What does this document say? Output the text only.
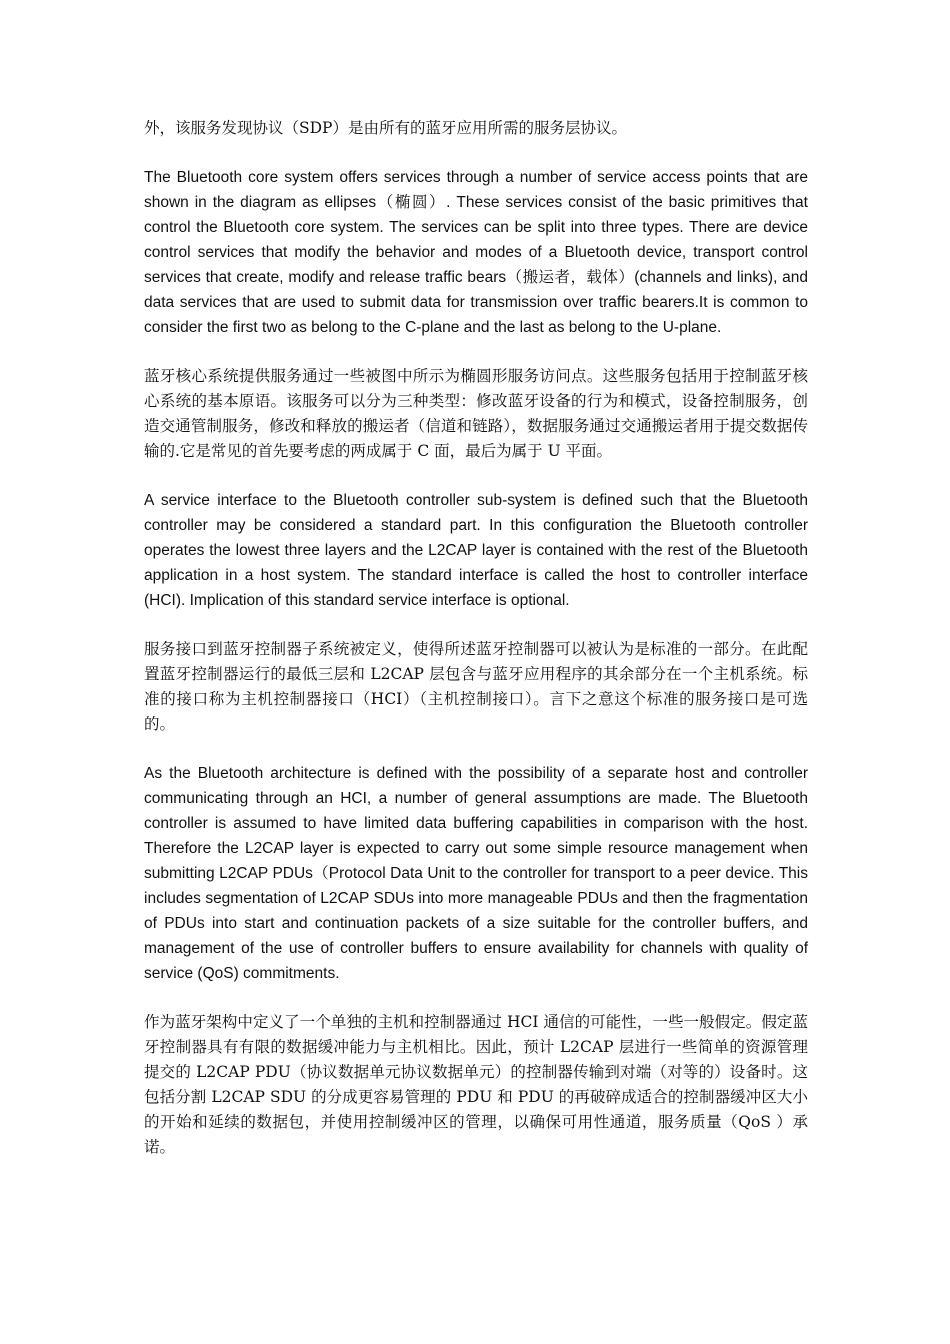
外，该服务发现协议（SDP）是由所有的蓝牙应用所需的服务层协议。

The Bluetooth core system offers services through a number of service access points that are shown in the diagram as ellipses（椭圆）. These services consist of the basic primitives that control the Bluetooth core system. The services can be split into three types. There are device control services that modify the behavior and modes of a Bluetooth device, transport control services that create, modify and release traffic bears（搬运者，载体）(channels and links), and data services that are used to submit data for transmission over traffic bearers.It is common to consider the first two as belong to the C-plane and the last as belong to the U-plane.

蓝牙核心系统提供服务通过一些被图中所示为椭圆形服务访问点。这些服务包括用于控制蓝牙核心系统的基本原语。该服务可以分为三种类型：修改蓝牙设备的行为和模式，设备控制服务，创造交通管制服务，修改和释放的搬运者（信道和链路），数据服务通过交通搬运者用于提交数据传输的.它是常见的首先要考虑的两成属于 C 面，最后为属于 U 平面。

A service interface to the Bluetooth controller sub-system is defined such that the Bluetooth controller may be considered a standard part. In this configuration the Bluetooth controller operates the lowest three layers and the L2CAP layer is contained with the rest of the Bluetooth application in a host system. The standard interface is called the host to controller interface (HCI). Implication of this standard service interface is optional.

服务接口到蓝牙控制器子系统被定义，使得所述蓝牙控制器可以被认为是标准的一部分。在此配置蓝牙控制器运行的最低三层和 L2CAP 层包含与蓝牙应用程序的其余部分在一个主机系统。标准的接口称为主机控制器接口（HCI）（主机控制接口）。言下之意这个标准的服务接口是可选的。

As the Bluetooth architecture is defined with the possibility of a separate host and controller communicating through an HCI, a number of general assumptions are made. The Bluetooth controller is assumed to have limited data buffering capabilities in comparison with the host. Therefore the L2CAP layer is expected to carry out some simple resource management when submitting L2CAP PDUs（Protocol Data Unit to the controller for transport to a peer device. This includes segmentation of L2CAP SDUs into more manageable PDUs and then the fragmentation of PDUs into start and continuation packets of a size suitable for the controller buffers, and management of the use of controller buffers to ensure availability for channels with quality of service (QoS) commitments.

作为蓝牙架构中定义了一个单独的主机和控制器通过 HCI 通信的可能性，一些一般假定。假定蓝牙控制器具有有限的数据缓冲能力与主机相比。因此，预计 L2CAP 层进行一些简单的资源管理提交的 L2CAP PDU（协议数据单元协议数据单元）的控制器传输到对端（对等的）设备时。这包括分割 L2CAP SDU 的分成更容易管理的 PDU 和 PDU 的再破碎成适合的控制器缓冲区大小的开始和延续的数据包，并使用控制缓冲区的管理，以确保可用性通道，服务质量（QoS ）承诺。
